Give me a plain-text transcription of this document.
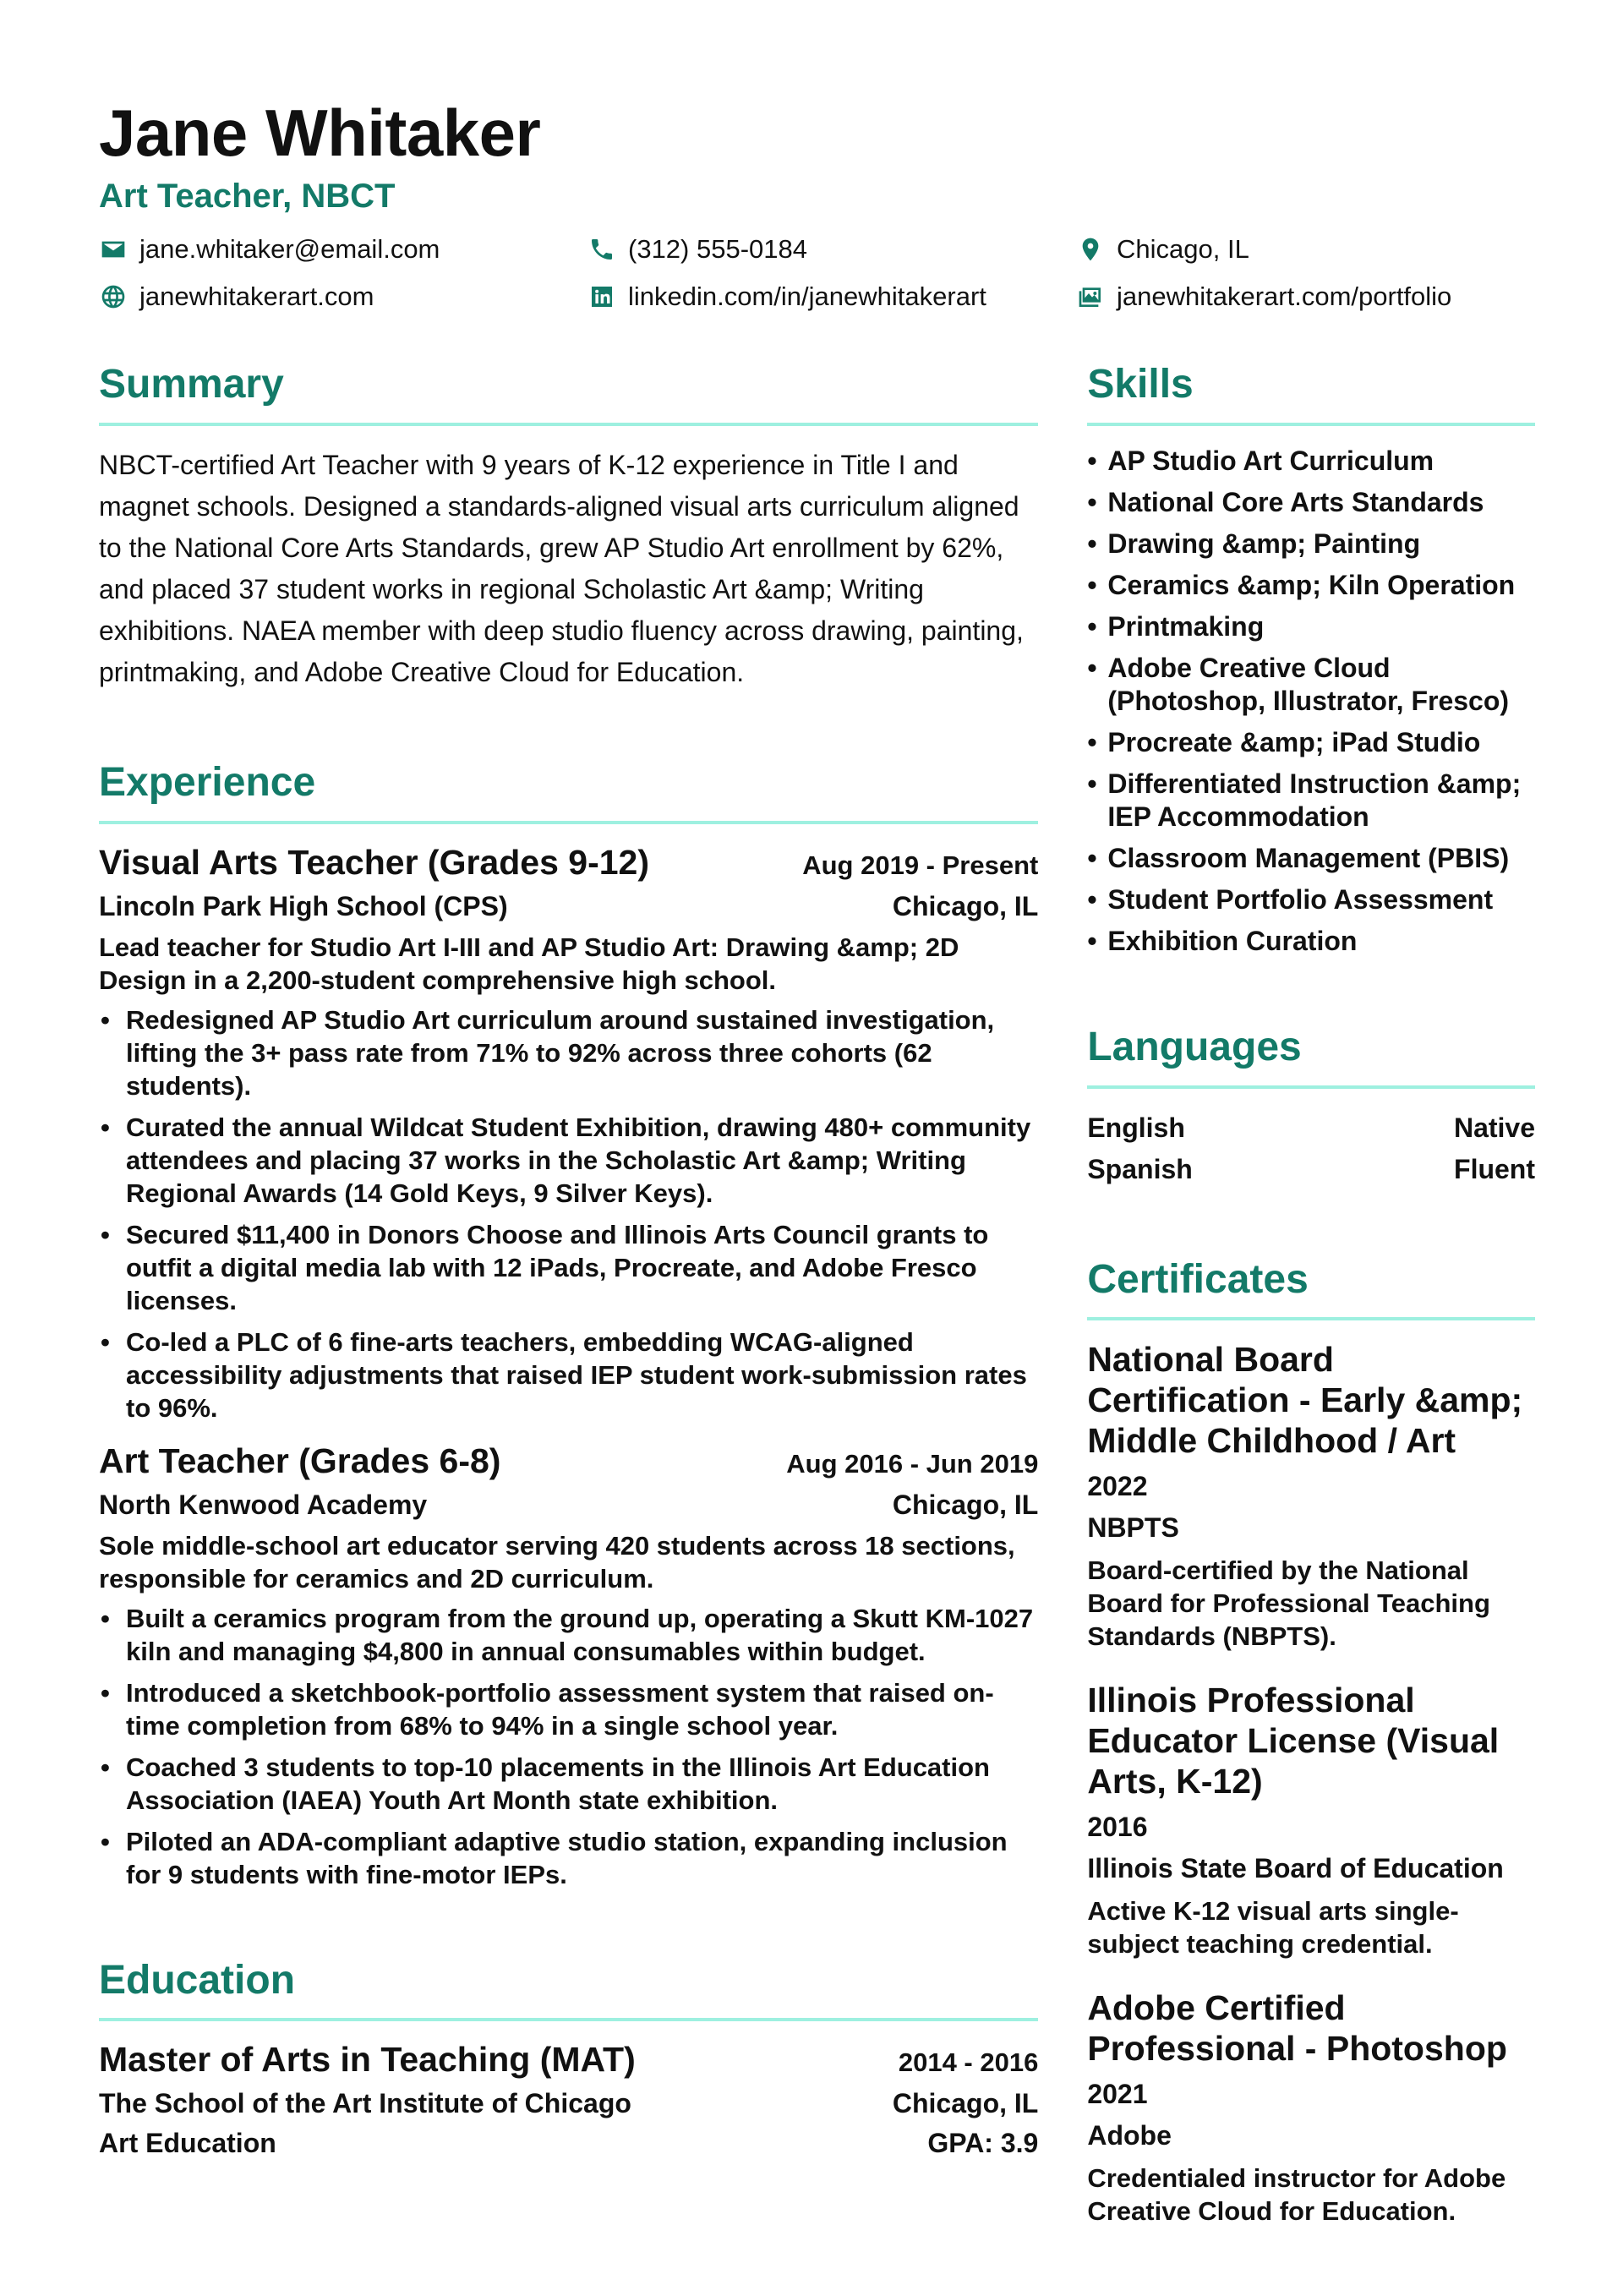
Jane Whitaker
Art Teacher, NBCT
jane.whitaker@email.com	(312) 555-0184	Chicago, IL
janewhitakerart.com	linkedin.com/in/janewhitakerart	janewhitakerart.com/portfolio
Summary

NBCT-certified Art Teacher with 9 years of K-12 experience in Title I and magnet schools. Designed a standards-aligned visual arts curriculum aligned to the National Core Arts Standards, grew AP Studio Art enrollment by 62%, and placed 37 student works in regional Scholastic Art &amp; Writing exhibitions. NAEA member with deep studio fluency across drawing, painting, printmaking, and Adobe Creative Cloud for Education.

Experience
Visual Arts Teacher (Grades 9-12)	Aug 2019 - Present
Lincoln Park High School (CPS)	Chicago, IL
Lead teacher for Studio Art I-III and AP Studio Art: Drawing &amp; 2D Design in a 2,200-student comprehensive high school.
• Redesigned AP Studio Art curriculum around sustained investigation, lifting the 3+ pass rate from 71% to 92% across three cohorts (62 students).
• Curated the annual Wildcat Student Exhibition, drawing 480+ community attendees and placing 37 works in the Scholastic Art &amp; Writing Regional Awards (14 Gold Keys, 9 Silver Keys).
• Secured $11,400 in Donors Choose and Illinois Arts Council grants to outfit a digital media lab with 12 iPads, Procreate, and Adobe Fresco licenses.
• Co-led a PLC of 6 fine-arts teachers, embedding WCAG-aligned accessibility adjustments that raised IEP student work-submission rates to 96%.
Art Teacher (Grades 6-8)	Aug 2016 - Jun 2019
North Kenwood Academy	Chicago, IL
Sole middle-school art educator serving 420 students across 18 sections, responsible for ceramics and 2D curriculum.
• Built a ceramics program from the ground up, operating a Skutt KM-1027 kiln and managing $4,800 in annual consumables within budget.
• Introduced a sketchbook-portfolio assessment system that raised on-time completion from 68% to 94% in a single school year.
• Coached 3 students to top-10 placements in the Illinois Art Education Association (IAEA) Youth Art Month state exhibition.
• Piloted an ADA-compliant adaptive studio station, expanding inclusion for 9 students with fine-motor IEPs.
Education
Master of Arts in Teaching (MAT)	2014 - 2016
The School of the Art Institute of Chicago	Chicago, IL
Art Education	GPA: 3.9
Skills
• AP Studio Art Curriculum
• National Core Arts Standards
• Drawing &amp; Painting
• Ceramics &amp; Kiln Operation
• Printmaking
• Adobe Creative Cloud (Photoshop, Illustrator, Fresco)
• Procreate &amp; iPad Studio
• Differentiated Instruction &amp; IEP Accommodation
• Classroom Management (PBIS)
• Student Portfolio Assessment
• Exhibition Curation
Languages
English	Native
Spanish	Fluent
Certificates
National Board Certification - Early &amp; Middle Childhood / Art
2022
NBPTS
Board-certified by the National Board for Professional Teaching Standards (NBPTS).
Illinois Professional Educator License (Visual Arts, K-12)
2016
Illinois State Board of Education
Active K-12 visual arts single-subject teaching credential.
Adobe Certified Professional - Photoshop
2021
Adobe
Credentialed instructor for Adobe Creative Cloud for Education.
